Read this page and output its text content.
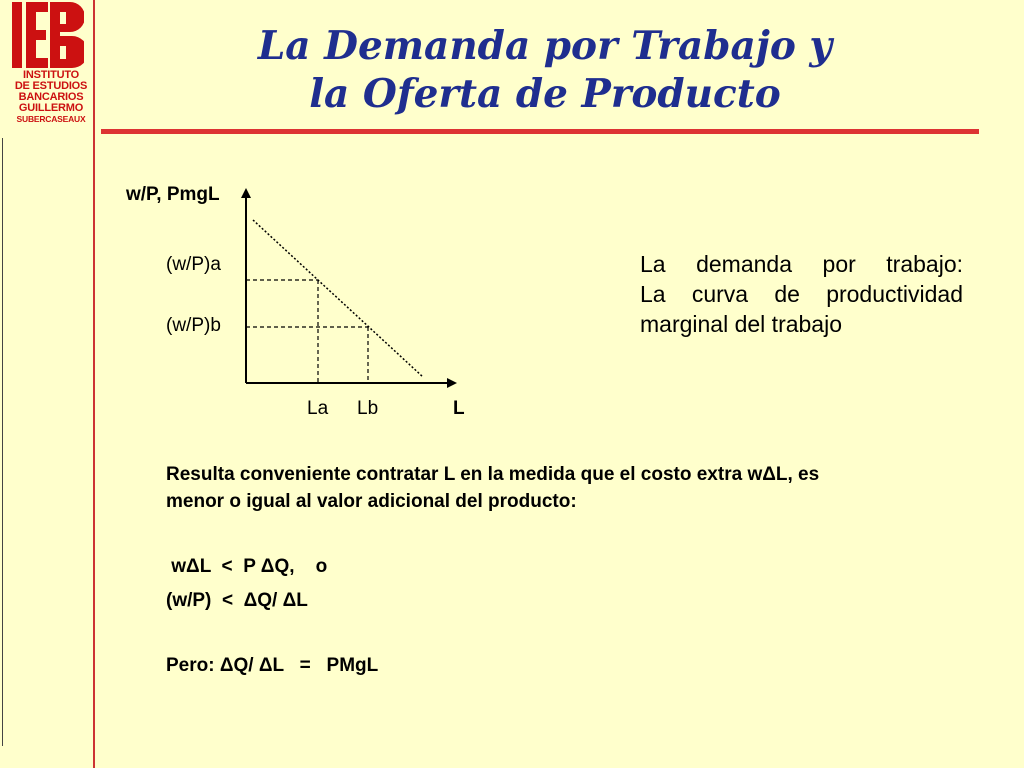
INSTITUTO
DE ESTUDIOS
BANCARIOS
GUILLERMO
SUBERCASEAUX
La Demanda por Trabajo y
la Oferta de Producto
w/P, PmgL
(w/P)a
(w/P)b
La Lb	L
La demanda por trabajo:
La curva de productividad
marginal del trabajo
Resulta conveniente contratar L en la medida que el costo extra wΔL, es
menor o igual al valor adicional del producto:
wΔL  <  P ΔQ,    o
(w/P)  <  ΔQ/ ΔL
Pero: ΔQ/ ΔL   =   PMgL
